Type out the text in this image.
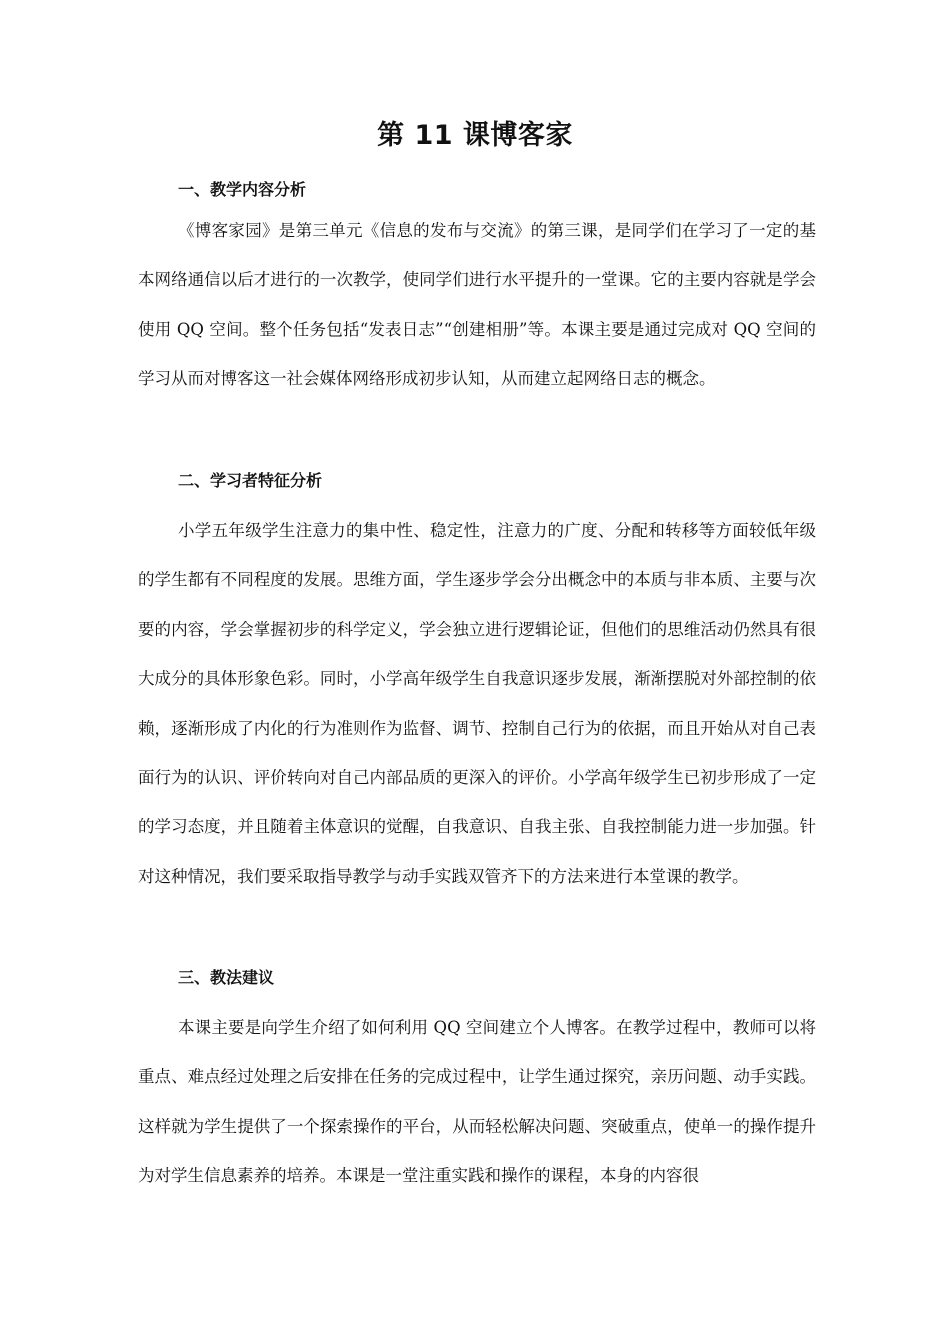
第 11 课博客家
一、教学内容分析

《博客家园》是第三单元《信息的发布与交流》的第三课，是同学们在学习了一定的基本网络通信以后才进行的一次教学，使同学们进行水平提升的一堂课。它的主要内容就是学会使用 QQ 空间。整个任务包括“发表日志”“创建相册”等。本课主要是通过完成对 QQ 空间的学习从而对博客这一社会媒体网络形成初步认知，从而建立起网络日志的概念。

二、学习者特征分析

小学五年级学生注意力的集中性、稳定性，注意力的广度、分配和转移等方面较低年级的学生都有不同程度的发展。思维方面，学生逐步学会分出概念中的本质与非本质、主要与次要的内容，学会掌握初步的科学定义，学会独立进行逻辑论证，但他们的思维活动仍然具有很大成分的具体形象色彩。同时，小学高年级学生自我意识逐步发展，渐渐摆脱对外部控制的依赖，逐渐形成了内化的行为准则作为监督、调节、控制自己行为的依据，而且开始从对自己表面行为的认识、评价转向对自己内部品质的更深入的评价。小学高年级学生已初步形成了一定的学习态度，并且随着主体意识的觉醒，自我意识、自我主张、自我控制能力进一步加强。针对这种情况，我们要采取指导教学与动手实践双管齐下的方法来进行本堂课的教学。

三、教法建议

本课主要是向学生介绍了如何利用 QQ 空间建立个人博客。在教学过程中，教师可以将重点、难点经过处理之后安排在任务的完成过程中，让学生通过探究，亲历问题、动手实践。这样就为学生提供了一个探索操作的平台，从而轻松解决问题、突破重点，使单一的操作提升为对学生信息素养的培养。本课是一堂注重实践和操作的课程，本身的内容很
